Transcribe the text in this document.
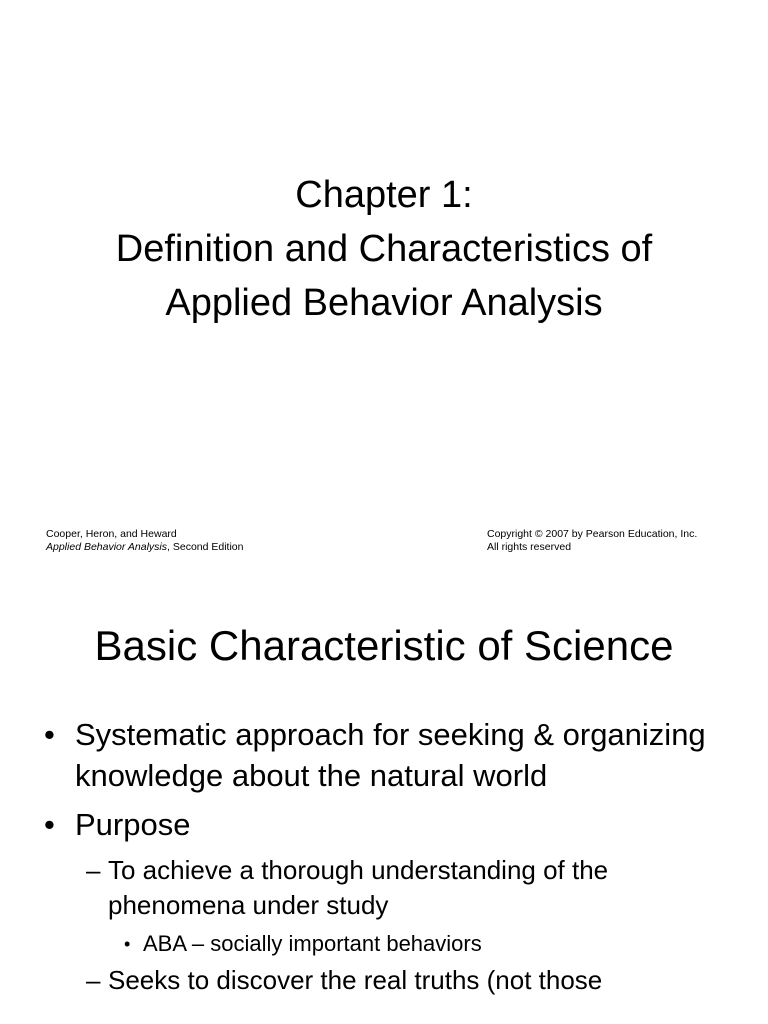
Chapter 1:
Definition and Characteristics of
Applied Behavior Analysis
Cooper, Heron, and Heward
Applied Behavior Analysis, Second Edition
Copyright © 2007 by Pearson Education, Inc.
All rights reserved
Basic Characteristic of Science
• Systematic approach for seeking & organizing knowledge about the natural world
• Purpose
– To achieve a thorough understanding of the phenomena under study
• ABA – socially important behaviors
– Seeks to discover the real truths (not those
